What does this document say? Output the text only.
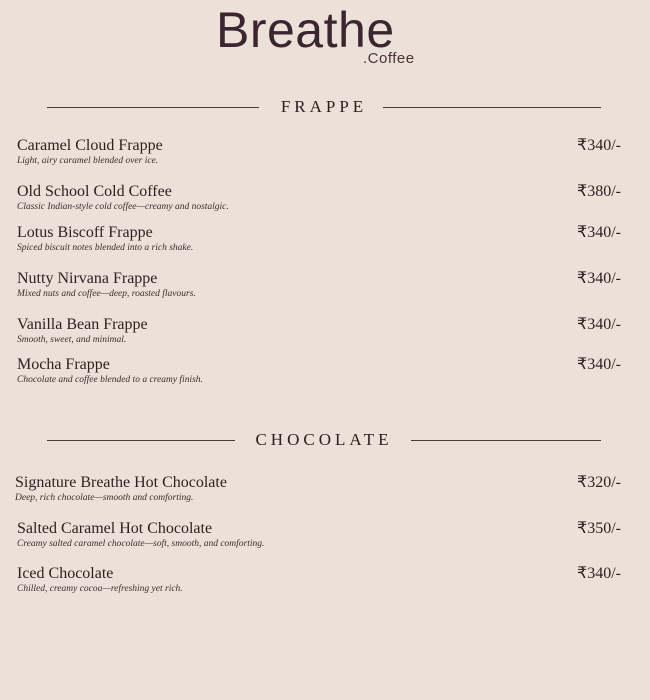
Breathe
.Coffee
FRAPPE
Caramel Cloud Frappe
Light, airy caramel blended over ice.
₹340/-
Old School Cold Coffee
Classic Indian-style cold coffee—creamy and nostalgic.
₹380/-
Lotus Biscoff Frappe
Spiced biscuit notes blended into a rich shake.
₹340/-
Nutty Nirvana Frappe
Mixed nuts and coffee—deep, roasted flavours.
₹340/-
Vanilla Bean Frappe
Smooth, sweet, and minimal.
₹340/-
Mocha Frappe
Chocolate and coffee blended to a creamy finish.
₹340/-
CHOCOLATE
Signature Breathe Hot Chocolate
Deep, rich chocolate—smooth and comforting.
₹320/-
Salted Caramel Hot Chocolate
Creamy salted caramel chocolate—soft, smooth, and comforting.
₹350/-
Iced Chocolate
Chilled, creamy cocoa—refreshing yet rich.
₹340/-
